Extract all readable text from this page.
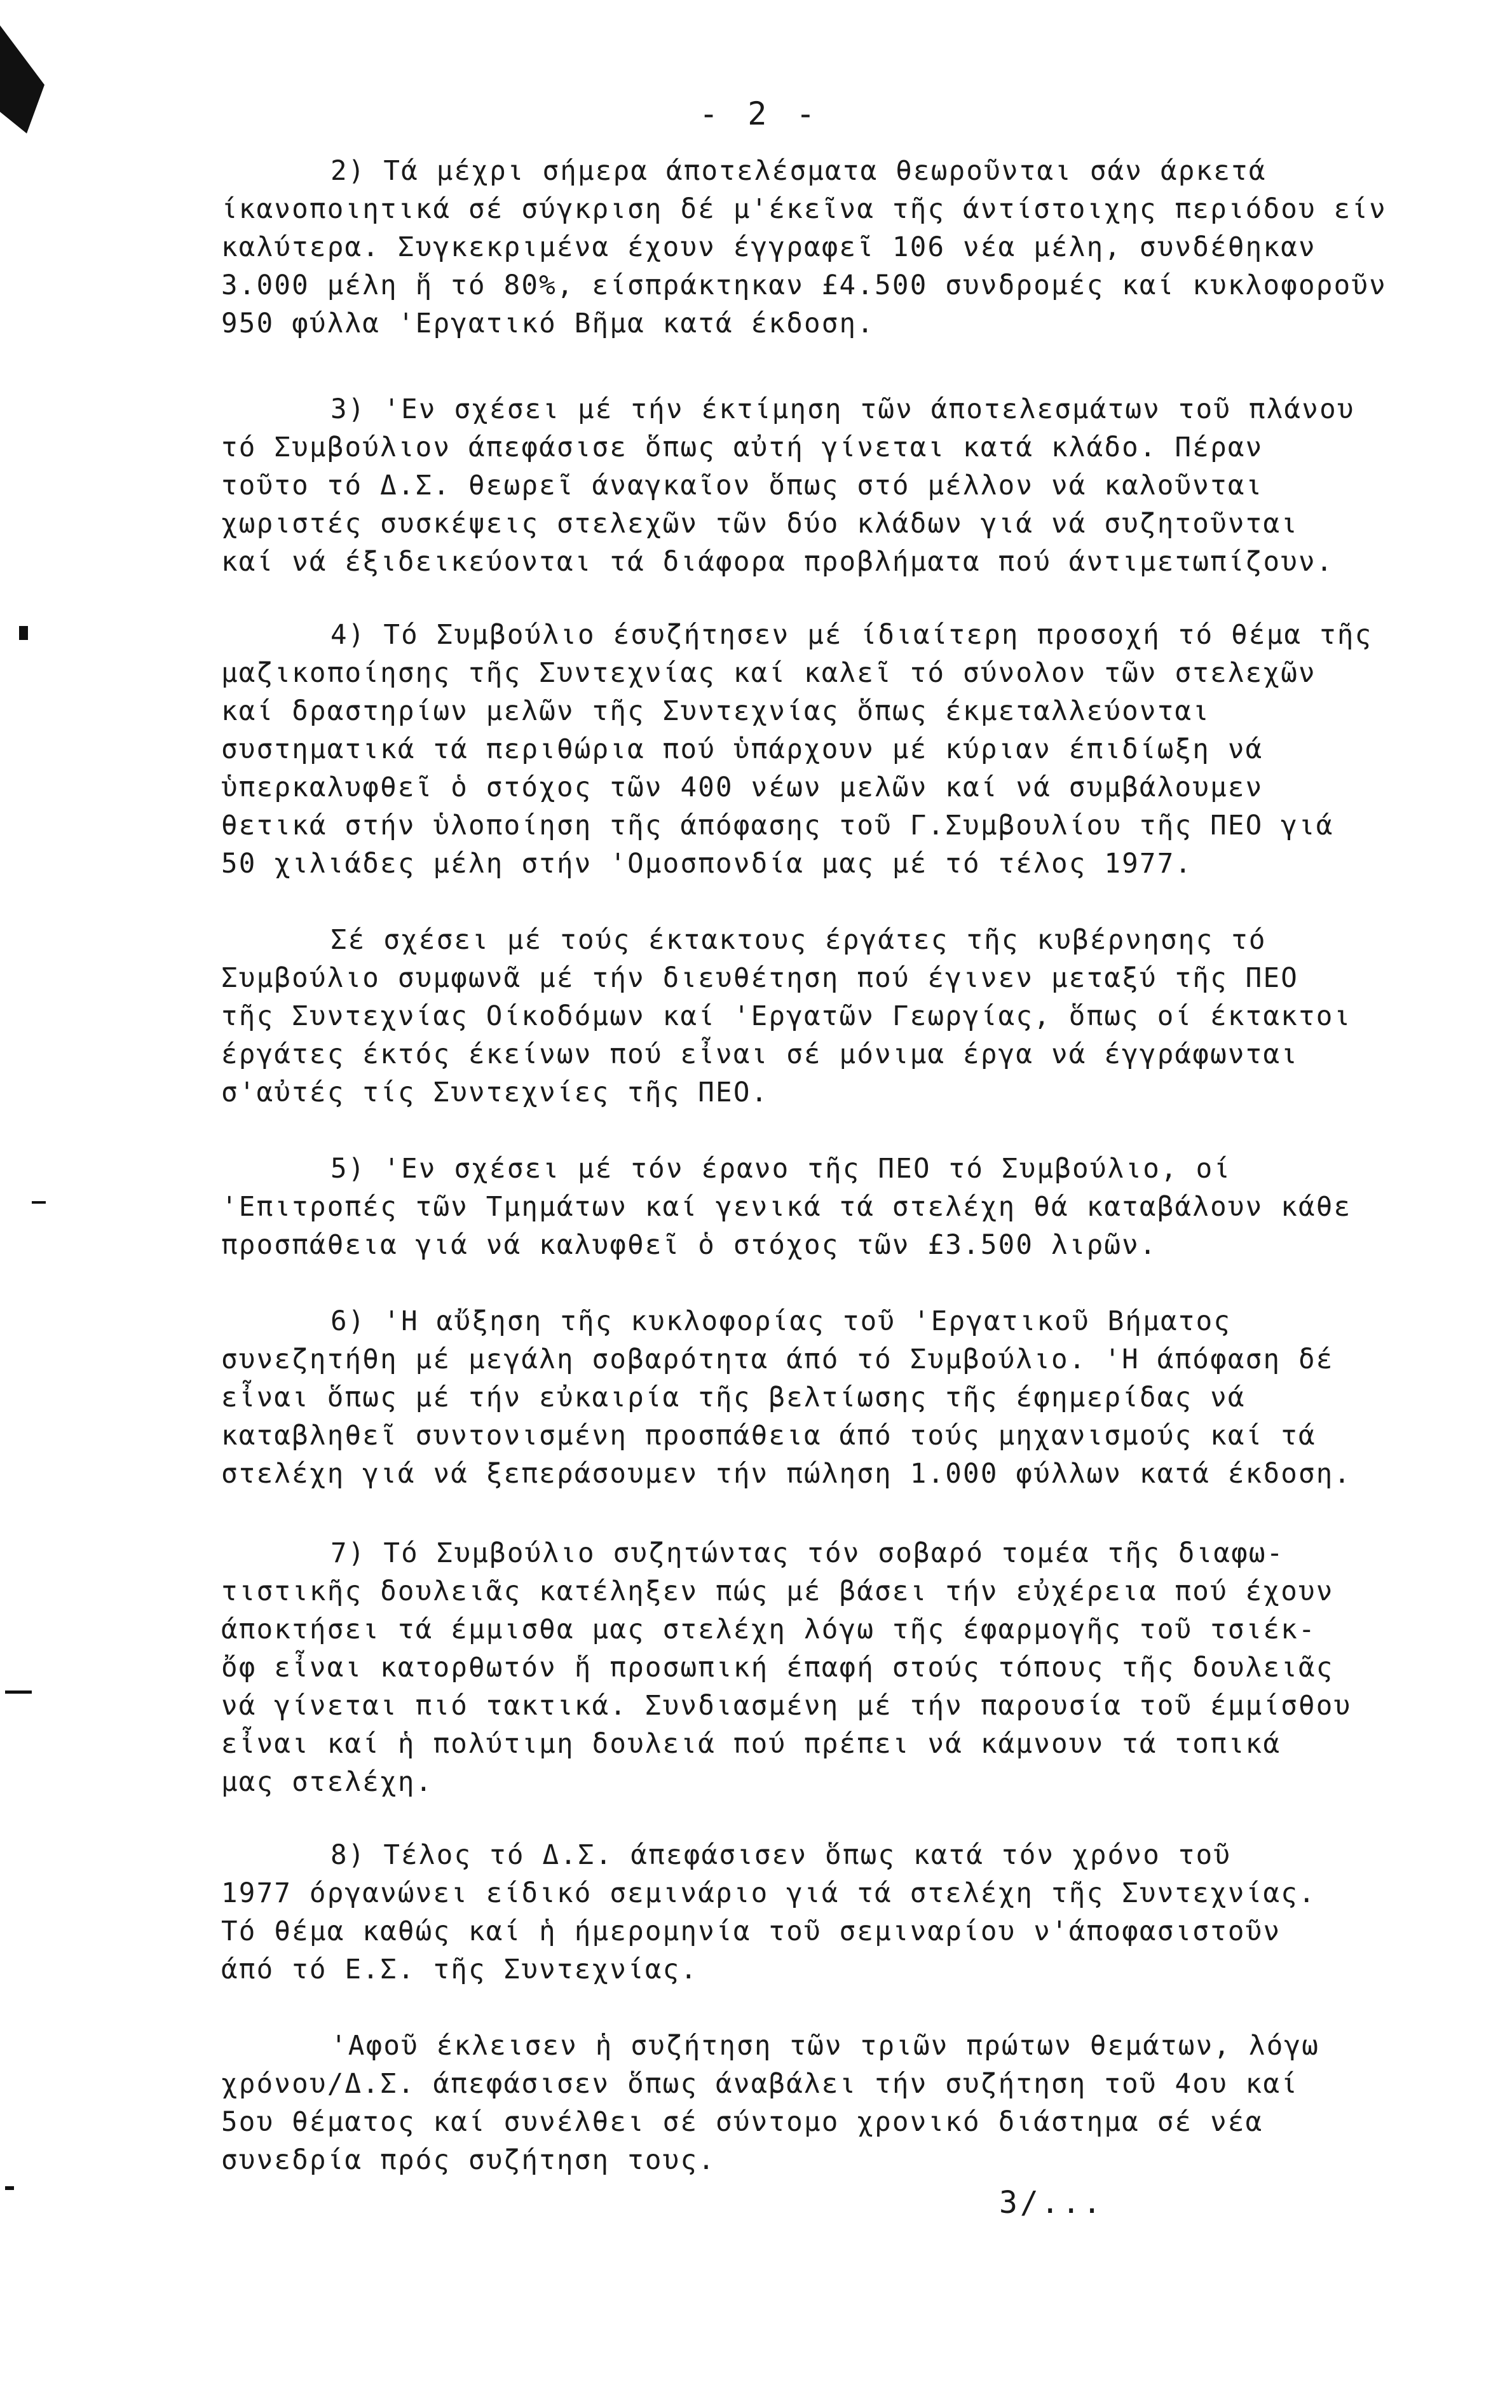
- 2 -
2) Τά μέχρι σήμερα άποτελέσματα θεωροῦνται σάν άρκετά
ίκανοποιητικά σέ σύγκριση δέ μ'έκεῖνα τῆς άντίστοιχης περιόδου είν
καλύτερα. Συγκεκριμένα έχουν έγγραφεῖ 106 νέα μέλη, συνδέθηκαν
3.000 μέλη ἥ τό 80%, είσπράκτηκαν £4.500 συνδρομές καί κυκλοφοροῦν
950 φύλλα 'Εργατικό Βῆμα κατά έκδοση.
3) 'Εν σχέσει μέ τήν έκτίμηση τῶν άποτελεσμάτων τοῦ πλάνου
τό Συμβούλιον άπεφάσισε ὅπως αὐτή γίνεται κατά κλάδο. Πέραν
τοῦτο τό Δ.Σ. θεωρεῖ άναγκαῖον ὅπως στό μέλλον νά καλοῦνται
χωριστές συσκέψεις στελεχῶν τῶν δύο κλάδων γιά νά συζητοῦνται
καί νά έξιδεικεύονται τά διάφορα προβλήματα πού άντιμετωπίζουν.
4) Τό Συμβούλιο έσυζήτησεν μέ ίδιαίτερη προσοχή τό θέμα τῆς
μαζικοποίησης τῆς Συντεχνίας καί καλεῖ τό σύνολον τῶν στελεχῶν
καί δραστηρίων μελῶν τῆς Συντεχνίας ὅπως έκμεταλλεύονται
συστηματικά τά περιθώρια πού ὑπάρχουν μέ κύριαν έπιδίωξη νά
ὑπερκαλυφθεῖ ὁ στόχος τῶν 400 νέων μελῶν καί νά συμβάλουμεν
θετικά στήν ὑλοποίηση τῆς άπόφασης τοῦ Γ.Συμβουλίου τῆς ΠΕΟ γιά
50 χιλιάδες μέλη στήν 'Ομοσπονδία μας μέ τό τέλος 1977.
Σέ σχέσει μέ τούς έκτακτους έργάτες τῆς κυβέρνησης τό
Συμβούλιο συμφωνᾶ μέ τήν διευθέτηση πού έγινεν μεταξύ τῆς ΠΕΟ
τῆς Συντεχνίας Οίκοδόμων καί 'Εργατῶν Γεωργίας, ὅπως οί έκτακτοι
έργάτες έκτός έκείνων πού εἶναι σέ μόνιμα έργα νά έγγράφωνται
σ'αὐτές τίς Συντεχνίες τῆς ΠΕΟ.
5) 'Εν σχέσει μέ τόν έρανο τῆς ΠΕΟ τό Συμβούλιο, οί
'Επιτροπές τῶν Τμημάτων καί γενικά τά στελέχη θά καταβάλουν κάθε
προσπάθεια γιά νά καλυφθεῖ ὁ στόχος τῶν £3.500 λιρῶν.
6) 'Η αὔξηση τῆς κυκλοφορίας τοῦ 'Εργατικοῦ Βήματος
συνεζητήθη μέ μεγάλη σοβαρότητα άπό τό Συμβούλιο. 'Η άπόφαση δέ
εἶναι ὅπως μέ τήν εὐκαιρία τῆς βελτίωσης τῆς έφημερίδας νά
καταβληθεῖ συντονισμένη προσπάθεια άπό τούς μηχανισμούς καί τά
στελέχη γιά νά ξεπεράσουμεν τήν πώληση 1.000 φύλλων κατά έκδοση.
7) Τό Συμβούλιο συζητώντας τόν σοβαρό τομέα τῆς διαφω-
τιστικῆς δουλειᾶς κατέληξεν πώς μέ βάσει τήν εὐχέρεια πού έχουν
άποκτήσει τά έμμισθα μας στελέχη λόγω τῆς έφαρμογῆς τοῦ τσιέκ-
ὄφ εἶναι κατορθωτόν ἥ προσωπική έπαφή στούς τόπους τῆς δουλειᾶς
νά γίνεται πιό τακτικά. Συνδιασμένη μέ τήν παρουσία τοῦ έμμίσθου
εἶναι καί ἡ πολύτιμη δουλειά πού πρέπει νά κάμνουν τά τοπικά
μας στελέχη.
8) Τέλος τό Δ.Σ. άπεφάσισεν ὅπως κατά τόν χρόνο τοῦ
1977 όργανώνει είδικό σεμινάριο γιά τά στελέχη τῆς Συντεχνίας.
Τό θέμα καθώς καί ἡ ήμερομηνία τοῦ σεμιναρίου ν'άποφασιστοῦν
άπό τό Ε.Σ. τῆς Συντεχνίας.
'Αφοῦ έκλεισεν ἡ συζήτηση τῶν τριῶν πρώτων θεμάτων, λόγω
χρόνου/Δ.Σ. άπεφάσισεν ὅπως άναβάλει τήν συζήτηση τοῦ 4ου καί
5ου θέματος καί συνέλθει σέ σύντομο χρονικό διάστημα σέ νέα
συνεδρία πρός συζήτηση τους.
3/...
